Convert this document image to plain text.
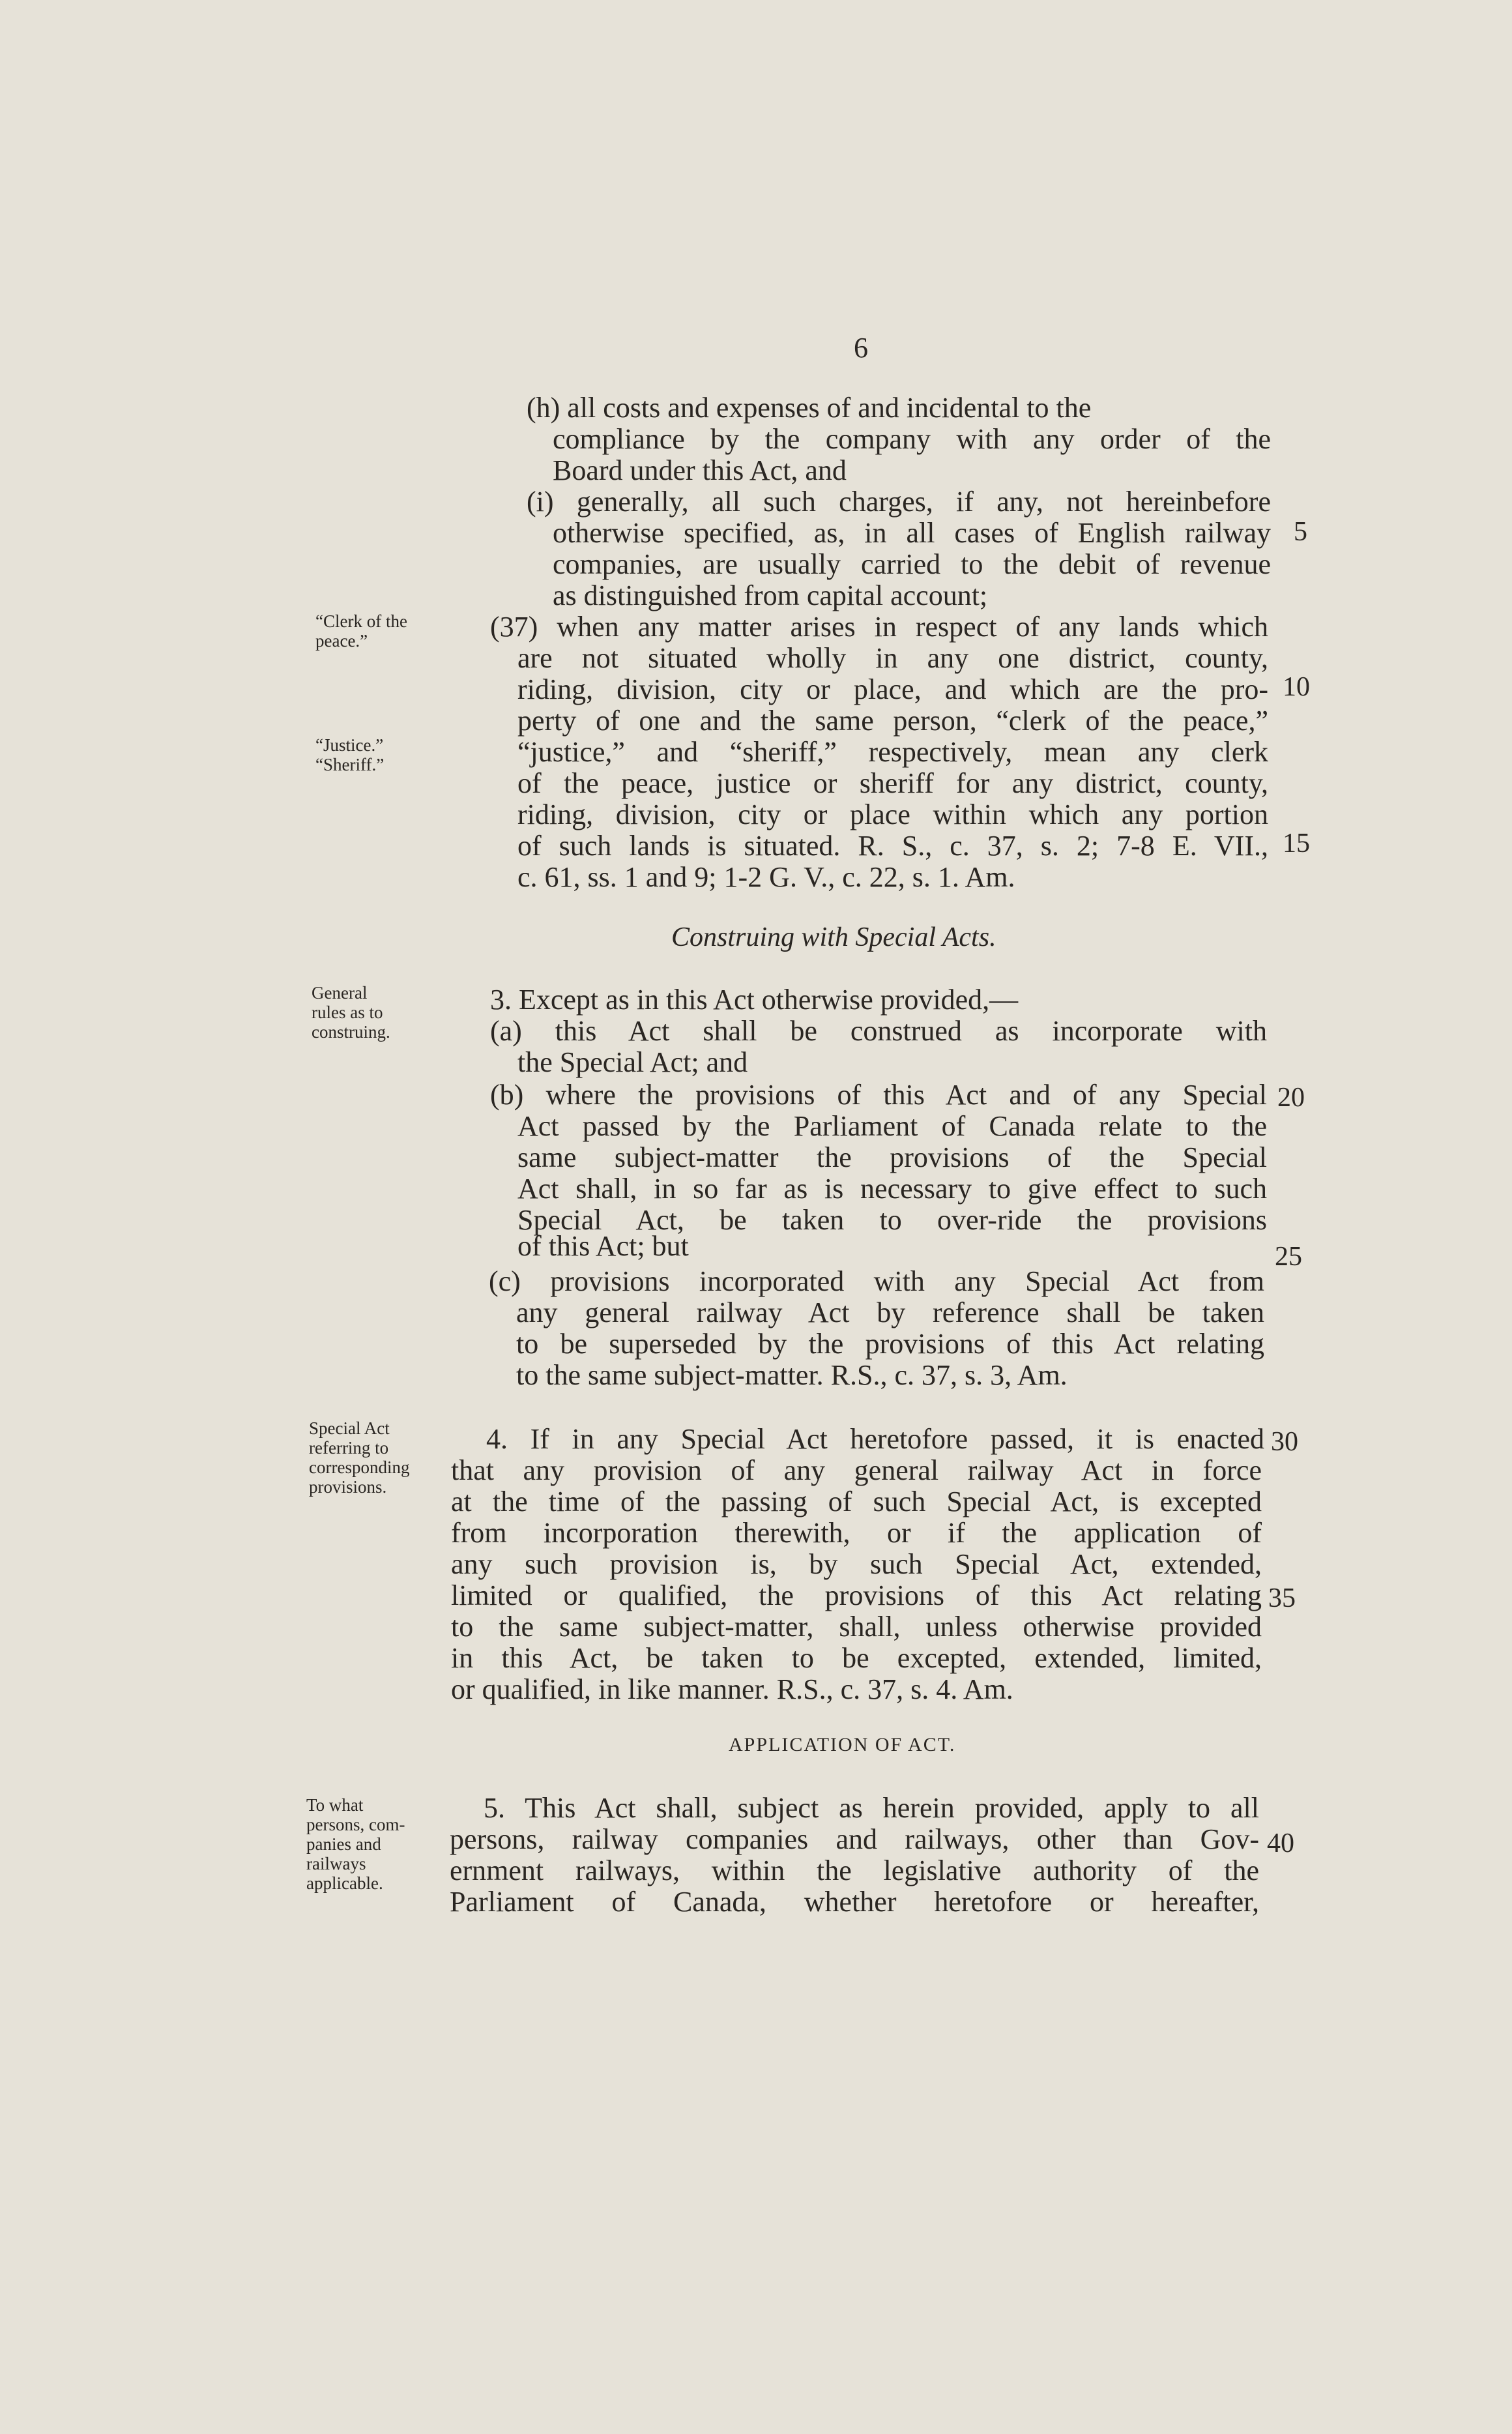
6
(h) all costs and expenses of and incidental to the
compliance by the company with any order of the
Board under this Act, and
(i) generally, all such charges, if any, not hereinbefore
otherwise specified, as, in all cases of English railway
companies, are usually carried to the debit of revenue
as distinguished from capital account;
(37) when any matter arises in respect of any lands which
are not situated wholly in any one district, county,
riding, division, city or place, and which are the pro-
perty of one and the same person, “clerk of the peace,”
“justice,” and “sheriff,” respectively, mean any clerk
of the peace, justice or sheriff for any district, county,
riding, division, city or place within which any portion
of such lands is situated. R. S., c. 37, s. 2; 7-8 E. VII.,
c. 61, ss. 1 and 9; 1-2 G. V., c. 22, s. 1. Am.
Construing with Special Acts.
3. Except as in this Act otherwise provided,—
(a) this Act shall be construed as incorporate with
the Special Act; and
(b) where the provisions of this Act and of any Special
Act passed by the Parliament of Canada relate to the
same subject-matter the provisions of the Special
Act shall, in so far as is necessary to give effect to such
Special Act, be taken to over-ride the provisions
of this Act; but
(c) provisions incorporated with any Special Act from
any general railway Act by reference shall be taken
to be superseded by the provisions of this Act relating
to the same subject-matter. R.S., c. 37, s. 3, Am.
4. If in any Special Act heretofore passed, it is enacted
that any provision of any general railway Act in force
at the time of the passing of such Special Act, is excepted
from incorporation therewith, or if the application of
any such provision is, by such Special Act, extended,
limited or qualified, the provisions of this Act relating
to the same subject-matter, shall, unless otherwise provided
in this Act, be taken to be excepted, extended, limited,
or qualified, in like manner. R.S., c. 37, s. 4. Am.
APPLICATION OF ACT.
5. This Act shall, subject as herein provided, apply to all
persons, railway companies and railways, other than Gov-
ernment railways, within the legislative authority of the
Parliament of Canada, whether heretofore or hereafter,
5
10
15
20
25
30
35
40
“Clerk of the
peace.”
“Justice.”
“Sheriff.”
General
rules as to
construing.
Special Act
referring to
corresponding
provisions.
To what
persons, com-
panies and
railways
applicable.
